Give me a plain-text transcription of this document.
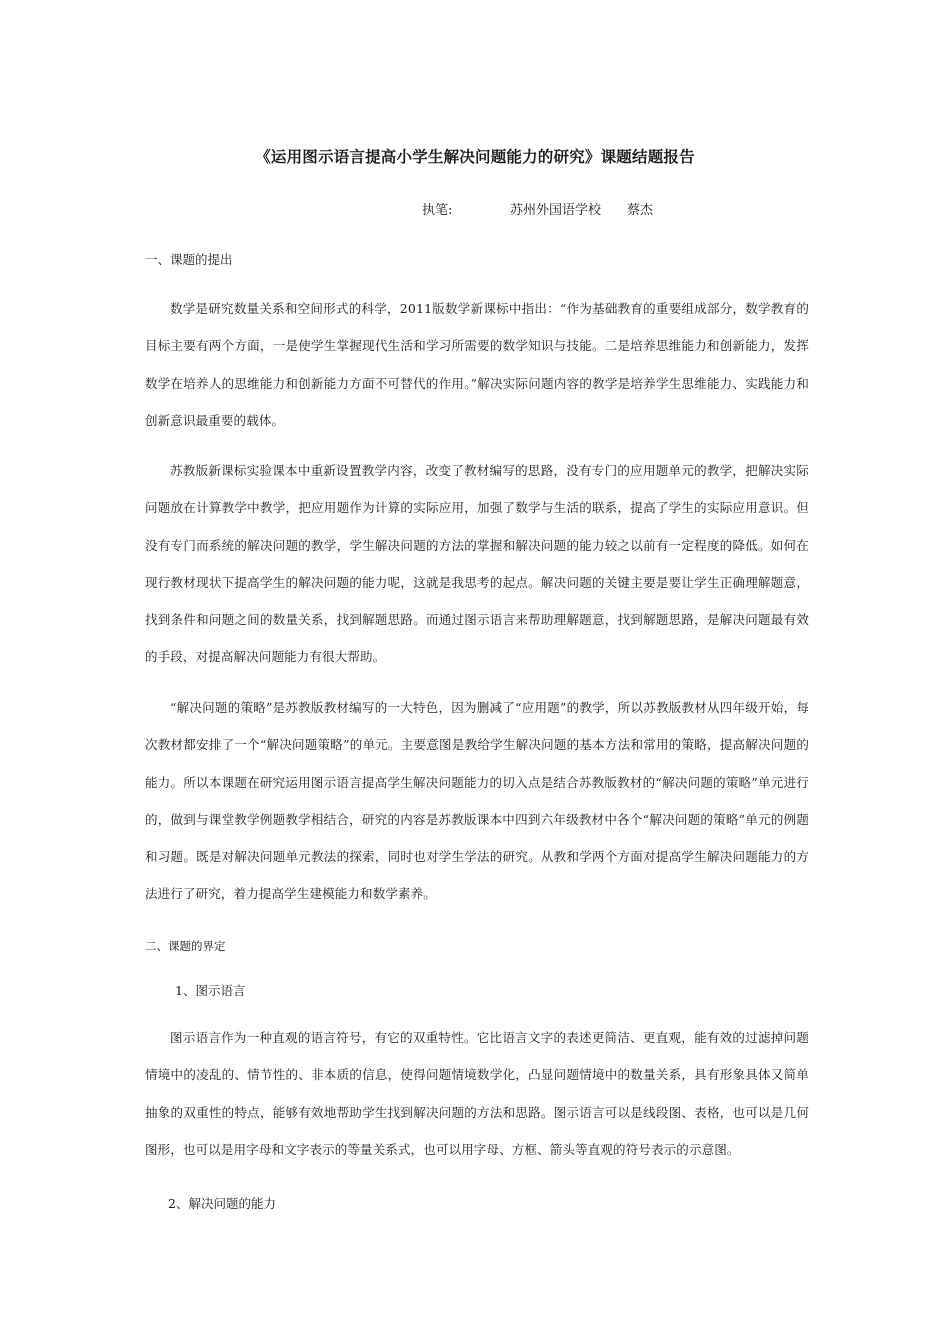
《运用图示语言提高小学生解决问题能力的研究》课题结题报告
执笔:	苏州外国语学校 蔡杰
一、课题的提出
数学是研究数量关系和空间形式的科学，2011版数学新课标中指出：“作为基础教育的重要组成部分，数学教育的目标主要有两个方面，一是使学生掌握现代生活和学习所需要的数学知识与技能。二是培养思维能力和创新能力，发挥数学在培养人的思维能力和创新能力方面不可替代的作用。”解决实际问题内容的教学是培养学生思维能力、实践能力和创新意识最重要的载体。
苏教版新课标实验课本中重新设置教学内容，改变了教材编写的思路，没有专门的应用题单元的教学，把解决实际问题放在计算教学中教学，把应用题作为计算的实际应用，加强了数学与生活的联系，提高了学生的实际应用意识。但没有专门而系统的解决问题的教学，学生解决问题的方法的掌握和解决问题的能力较之以前有一定程度的降低。如何在现行教材现状下提高学生的解决问题的能力呢，这就是我思考的起点。解决问题的关键主要是要让学生正确理解题意，找到条件和问题之间的数量关系，找到解题思路。而通过图示语言来帮助理解题意，找到解题思路，是解决问题最有效的手段，对提高解决问题能力有很大帮助。
“解决问题的策略”是苏教版教材编写的一大特色，因为删减了“应用题”的教学，所以苏教版教材从四年级开始，每次教材都安排了一个“解决问题策略”的单元。主要意图是教给学生解决问题的基本方法和常用的策略，提高解决问题的能力。所以本课题在研究运用图示语言提高学生解决问题能力的切入点是结合苏教版教材的“解决问题的策略”单元进行的，做到与课堂教学例题教学相结合，研究的内容是苏教版课本中四到六年级教材中各个“解决问题的策略”单元的例题和习题。既是对解决问题单元教法的探索，同时也对学生学法的研究。从教和学两个方面对提高学生解决问题能力的方法进行了研究，着力提高学生建模能力和数学素养。
二、课题的界定
1、图示语言
图示语言作为一种直观的语言符号，有它的双重特性。它比语言文字的表述更简洁、更直观，能有效的过滤掉问题情境中的凌乱的、情节性的、非本质的信息，使得问题情境数学化，凸显问题情境中的数量关系，具有形象具体又简单抽象的双重性的特点，能够有效地帮助学生找到解决问题的方法和思路。图示语言可以是线段图、表格，也可以是几何图形，也可以是用字母和文字表示的等量关系式，也可以用字母、方框、箭头等直观的符号表示的示意图。
2、解决问题的能力
